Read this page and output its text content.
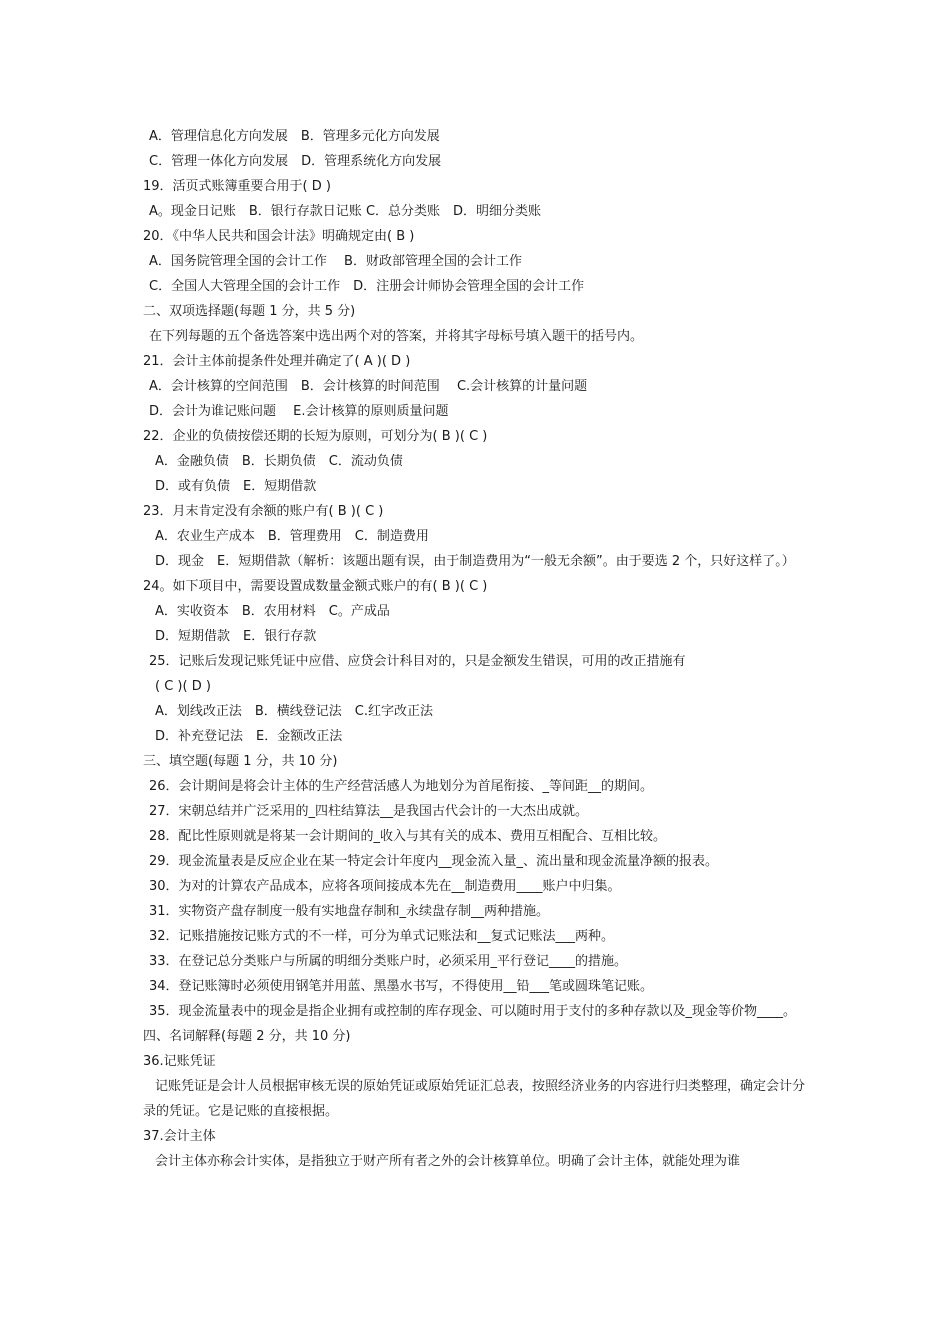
A．管理信息化方向发展　B．管理多元化方向发展
C．管理一体化方向发展　D．管理系统化方向发展
19．活页式账簿重要合用于( D )
A。现金日记账　B．银行存款日记账 C．总分类账　D．明细分类账
20．《中华人民共和国会计法》明确规定由( B )
A．国务院管理全国的会计工作　 B．财政部管理全国的会计工作
C．全国人大管理全国的会计工作　D．注册会计师协会管理全国的会计工作
二、双项选择题(每题 1 分，共 5 分)
在下列每题的五个备选答案中选出两个对的答案，并将其字母标号填入题干的括号内。
21．会计主体前提条件处理并确定了( A )( D )
A．会计核算的空间范围　B．会计核算的时间范围　 C.会计核算的计量问题
D．会计为谁记账问题　 E.会计核算的原则质量问题
22．企业的负债按偿还期的长短为原则，可划分为( B )( C )
A．金融负债　B．长期负债　C．流动负债
D．或有负债　E．短期借款
23．月末肯定没有余额的账户有( B )( C )
A．农业生产成本　B．管理费用　C．制造费用
D．现金　E．短期借款（解析：该题出题有误，由于制造费用为“一般无余额”。由于要选 2 个，只好这样了。）
24。如下项目中，需要设置成数量金额式账户的有( B )( C )
A．实收资本　B．农用材料　C。产成品
D．短期借款　E．银行存款
25．记账后发现记账凭证中应借、应贷会计科目对的，只是金额发生错误，可用的改正措施有
( C )( D )
A．划线改正法　B．横线登记法　C.红字改正法
D．补充登记法　E．金额改正法
三、填空题(每题 1 分，共 10 分)
26．会计期间是将会计主体的生产经营活感人为地划分为首尾衔接、_等间距__的期间。
27．宋朝总结并广泛采用的_四柱结算法__是我国古代会计的一大杰出成就。
28．配比性原则就是将某一会计期间的_收入与其有关的成本、费用互相配合、互相比较。
29．现金流量表是反应企业在某一特定会计年度内__现金流入量_、流出量和现金流量净额的报表。
30．为对的计算农产品成本，应将各项间接成本先在__制造费用____账户中归集。
31．实物资产盘存制度一般有实地盘存制和_永续盘存制__两种措施。
32．记账措施按记账方式的不一样，可分为单式记账法和__复式记账法___两种。
33．在登记总分类账户与所属的明细分类账户时，必须采用_平行登记____的措施。
34．登记账簿时必须使用钢笔并用蓝、黑墨水书写，不得使用__铅___笔或圆珠笔记账。
35．现金流量表中的现金是指企业拥有或控制的库存现金、可以随时用于支付的多种存款以及_现金等价物____。
四、名词解释(每题 2 分，共 10 分)
36.记账凭证
记账凭证是会计人员根据审核无误的原始凭证或原始凭证汇总表，按照经济业务的内容进行归类整理，确定会计分录的凭证。它是记账的直接根据。
37.会计主体
会计主体亦称会计实体，是指独立于财产所有者之外的会计核算单位。明确了会计主体，就能处理为谁
